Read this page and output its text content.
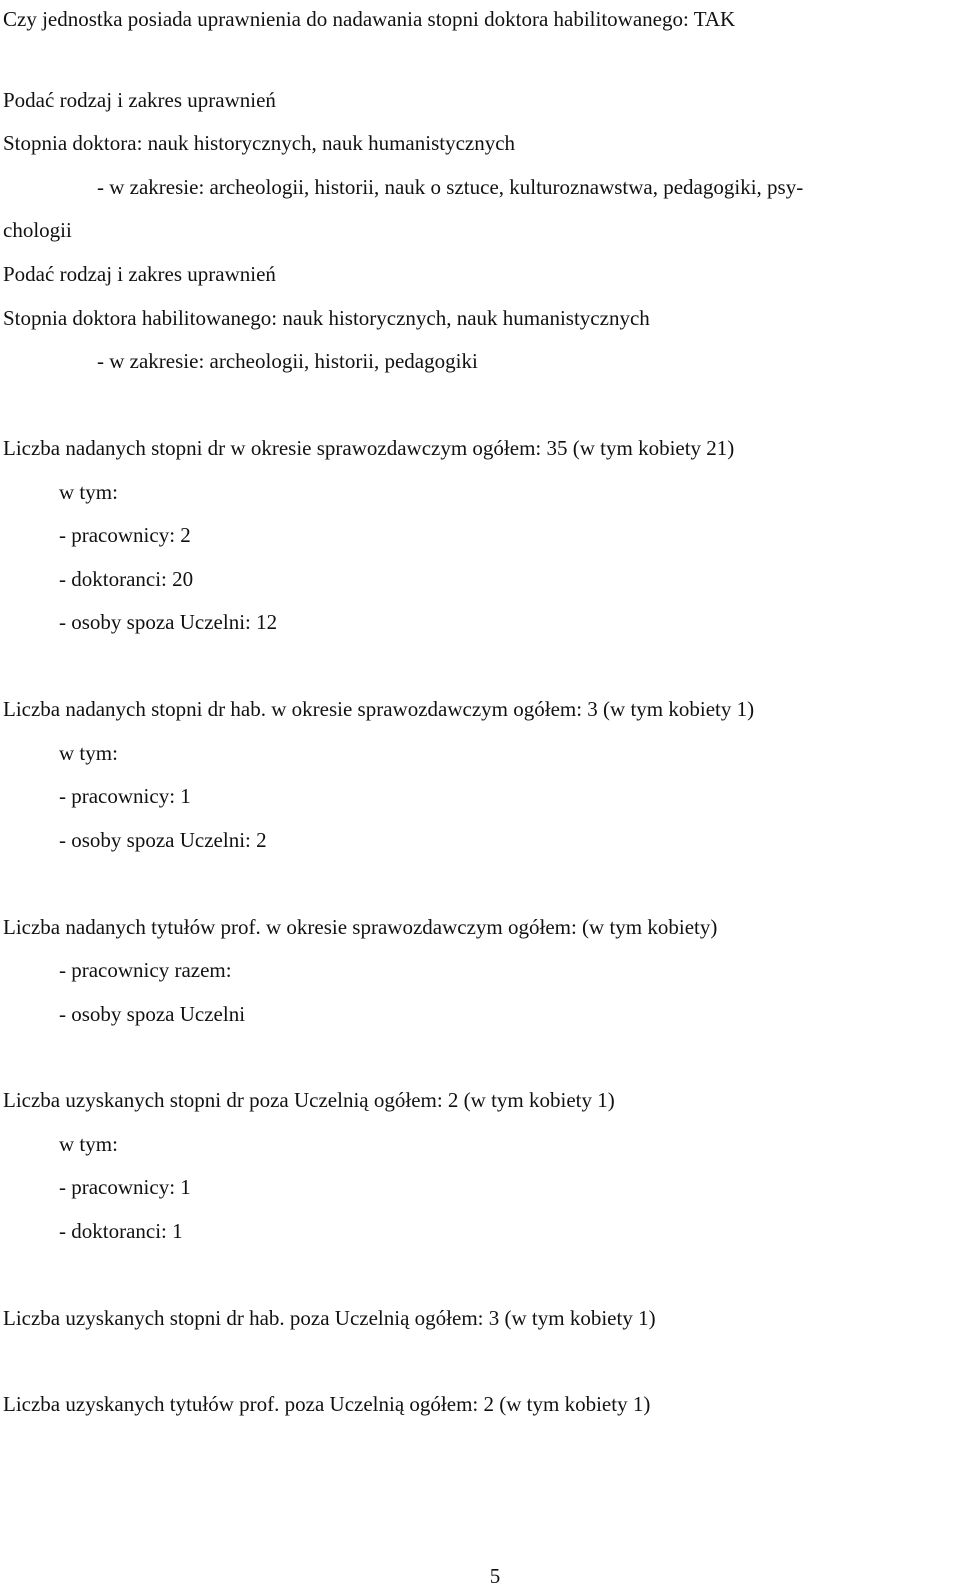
Czy jednostka posiada uprawnienia do nadawania stopni doktora habilitowanego: TAK
Podać rodzaj i zakres uprawnień
Stopnia doktora: nauk historycznych, nauk humanistycznych
- w zakresie: archeologii, historii, nauk o sztuce, kulturoznawstwa, pedagogiki, psy-
chologii
Podać rodzaj i zakres uprawnień
Stopnia doktora habilitowanego: nauk historycznych, nauk humanistycznych
- w zakresie: archeologii, historii, pedagogiki
Liczba nadanych stopni dr w okresie sprawozdawczym ogółem: 35 (w tym kobiety 21)
w tym:
- pracownicy: 2
- doktoranci: 20
- osoby spoza Uczelni: 12
Liczba nadanych stopni dr hab. w okresie sprawozdawczym ogółem: 3 (w tym kobiety 1)
w tym:
- pracownicy: 1
- osoby spoza Uczelni: 2
Liczba nadanych tytułów prof. w okresie sprawozdawczym ogółem: (w tym kobiety)
- pracownicy razem:
- osoby spoza Uczelni
Liczba uzyskanych stopni dr poza Uczelnią ogółem: 2 (w tym kobiety 1)
w tym:
- pracownicy: 1
- doktoranci: 1
Liczba uzyskanych stopni dr hab. poza Uczelnią ogółem: 3 (w tym kobiety 1)
Liczba uzyskanych tytułów prof. poza Uczelnią ogółem: 2 (w tym kobiety 1)
5
